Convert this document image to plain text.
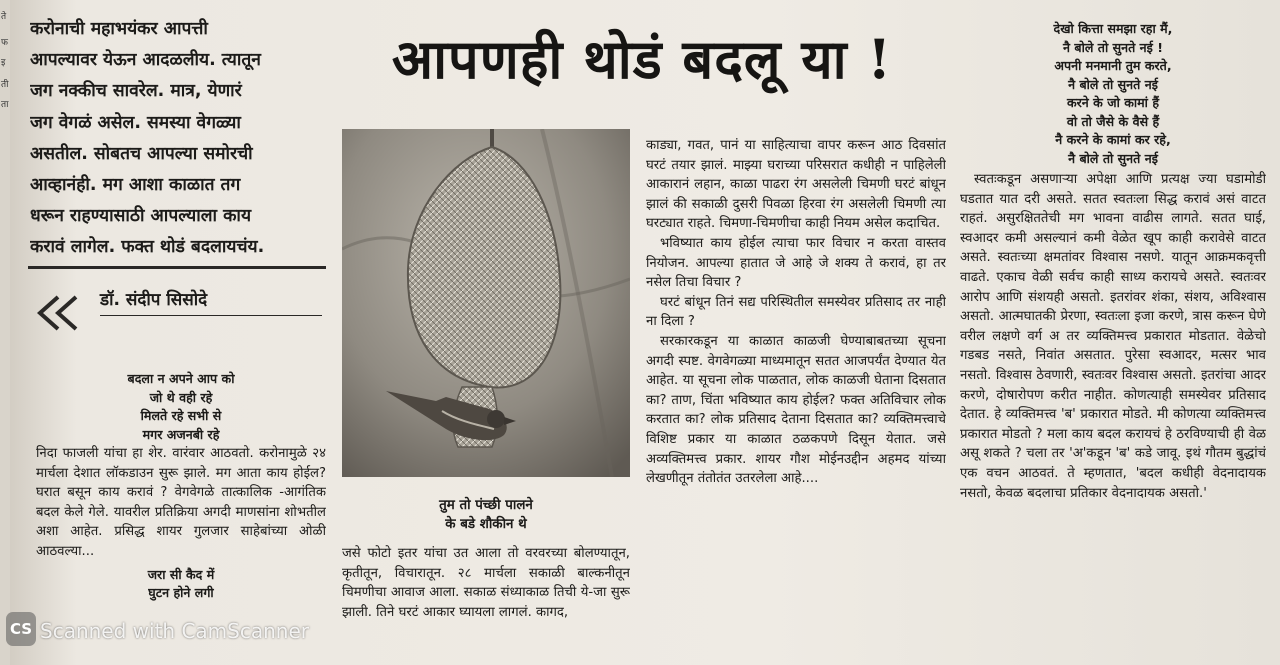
ते
फ
इ
ती
ता
करोनाची महाभयंकर आपत्ती
आपल्यावर येऊन आदळलीय. त्यातून
जग नक्कीच सावरेल. मात्र, येणारं
जग वेगळं असेल. समस्या वेगळ्या
असतील. सोबतच आपल्या समोरची
आव्हानंही. मग आशा काळात तग
धरून राहण्यासाठी आपल्याला काय
करावं लागेल. फक्त थोडं बदलायचंय.
डॉ. संदीप सिसोदे
आपणही थोडं बदलू या !
बदला न अपने आप को
जो थे वही रहे
मिलते रहे सभी से
मगर अजनबी रहे

निदा फाजली यांचा हा शेर. वारंवार आठवतो. करोनामुळे २४ मार्चला देशात लॉकडाउन सुरू झाले. मग आता काय होईल? घरात बसून काय करावं ? वेगवेगळे तात्कालिक -आगंतिक बदल केले गेले. यावरील प्रतिक्रिया अगदी माणसांना शोभतील अशा आहेत. प्रसिद्ध शायर गुलजार साहेबांच्या ओळी आठवल्या...

जरा सी कैद में
घुटन होने लगी
तुम तो पंच्छी पालने
के बडे शौकीन थे

जसे फोटो इतर यांचा उत आला तो वरवरच्या बोलण्यातून, कृतीतून, विचारातून. २८ मार्चला सकाळी बाल्कनीतून चिमणीचा आवाज आला. सकाळ संध्याकाळ तिची ये-जा सुरू झाली. तिने घरटं आकार घ्यायला लागलं. कागद,

काड्या, गवत, पानं या साहित्याचा वापर करून आठ दिवसांत घरटं तयार झालं. माझ्या घराच्या परिसरात कधीही न पाहिलेली आकारानं लहान, काळा पाढरा रंग असलेली चिमणी घरटं बांधून झालं की सकाळी दुसरी पिवळा हिरवा रंग असलेली चिमणी त्या घरट्यात राहते. चिमणा-चिमणीचा काही नियम असेल कदाचित.

भविष्यात काय होईल त्याचा फार विचार न करता वास्तव नियोजन. आपल्या हातात जे आहे जे शक्य ते करावं, हा तर नसेल तिचा विचार ?

घरटं बांधून तिनं सद्य परिस्थितील समस्येवर प्रतिसाद तर नाही ना दिला ?

सरकारकडून या काळात काळजी घेण्याबाबतच्या सूचना अगदी स्पष्ट. वेगवेगळ्या माध्यमातून सतत आजपर्यंत देण्यात येत आहेत. या सूचना लोक पाळतात, लोक काळजी घेताना दिसतात का? ताण, चिंता भविष्यात काय होईल? फक्त अतिविचार लोक करतात का? लोक प्रतिसाद देताना दिसतात का? व्यक्तिमत्त्वाचे विशिष्ट प्रकार या काळात ठळकपणे दिसून येतात. जसे अव्यक्तिमत्त्व प्रकार. शायर गौश मोईनउद्दीन अहमद यांच्या लेखणीतून तंतोतंत उतरलेला आहे....

देखो कित्ता समझा रहा मैं,
नै बोले तो सुनते नई !
अपनी मनमानी तुम करते,
नै बोले तो सुनते नई
करने के जो कामां हैं
वो तो जैसे के वैसे हैं
नै करने के कामां कर रहे,
नै बोले तो सुनते नई

स्वतःकडून असणाऱ्या अपेक्षा आणि प्रत्यक्ष ज्या घडामोडी घडतात यात दरी असते. सतत स्वतःला सिद्ध करावं असं वाटत राहतं. असुरक्षिततेची मग भावना वाढीस लागते. सतत घाई, स्वआदर कमी असल्यानं कमी वेळेत खूप काही करावेसे वाटत असते. स्वतःच्या क्षमतांवर विश्वास नसणे. यातून आक्रमकवृत्ती वाढते. एकाच वेळी सर्वच काही साध्य करायचे असते. स्वतःवर आरोप आणि संशयही असतो. इतरांवर शंका, संशय, अविश्वास असतो. आत्मघातकी प्रेरणा, स्वतःला इजा करणे, त्रास करून घेणे वरील लक्षणे वर्ग अ तर व्यक्तिमत्त्व प्रकारात मोडतात. वेळेचो गडबड नसते, निवांत असतात. पुरेसा स्वआदर, मत्सर भाव नसतो. विश्वास ठेवणारी, स्वतःवर विश्वास असतो. इतरांचा आदर करणे, दोषारोपण करीत नाहीत. कोणत्याही समस्येवर प्रतिसाद देतात. हे व्यक्तिमत्त्व 'ब' प्रकारात मोडते. मी कोणत्या व्यक्तिमत्त्व प्रकारात मोडतो ? मला काय बदल करायचं हे ठरविण्याची ही वेळ असू शकते ? चला तर 'अ'कडून 'ब' कडे जावू. इथं गौतम बुद्धांचं एक वचन आठवतं. ते म्हणतात, 'बदल कधीही वेदनादायक नसतो, केवळ बदलाचा प्रतिकार वेदनादायक असतो.'

CS Scanned with CamScanner
